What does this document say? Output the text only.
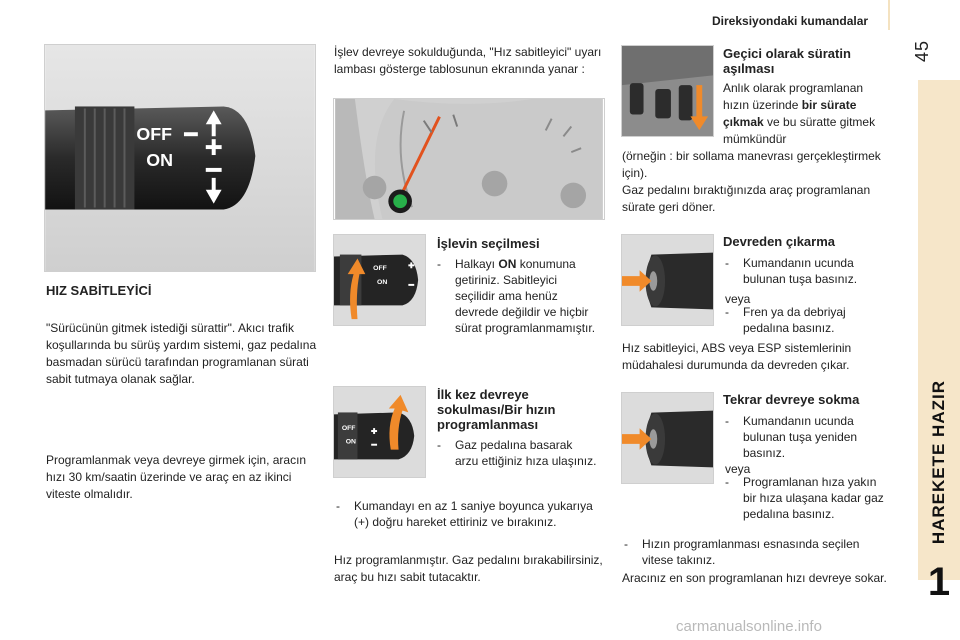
Direksiyondaki kumandalar
45
HAREKETE HAZIR
1
OFF
ON
HIZ SABİTLEYİCİ
"Sürücünün gitmek istediği sürattir". Akıcı trafik koşullarında bu sürüş yardım sistemi, gaz pedalına basmadan sürücü tarafından programlanan sürati sabit tutmaya olanak sağlar.
Programlanmak veya devreye girmek için, aracın hızı 30 km/saatin üzerinde ve araç en az ikinci viteste olmalıdır.
İşlev devreye sokulduğunda, "Hız sabitleyici" uyarı lambası gösterge tablosunun ekranında yanar :
OFF
ON
İşlevin seçilmesi
- Halkayı ON konumuna getiriniz. Sabitleyici seçilidir ama henüz devrede değildir ve hiçbir sürat programlanmamıştır.
OFF
ON
İlk kez devreye sokulması/Bir hızın programlanması
- Gaz pedalına basarak arzu ettiğiniz hıza ulaşınız.
- Kumandayı en az 1 saniye boyunca yukarıya (+) doğru hareket ettiriniz ve bırakınız.
Hız programlanmıştır. Gaz pedalını bırakabilirsiniz, araç bu hızı sabit tutacaktır.
Geçici olarak süratin aşılması
Anlık olarak programlanan hızın üzerinde bir sürate çıkmak ve bu süratte gitmek mümkündür
(örneğin : bir sollama manevrası gerçekleştirmek için).
Gaz pedalını bıraktığınızda araç programlanan sürate geri döner.
Devreden çıkarma
- Kumandanın ucunda bulunan tuşa basınız.
veya
- Fren ya da debriyaj pedalına basınız.
Hız sabitleyici, ABS veya ESP sistemlerinin müdahalesi durumunda da devreden çıkar.
Tekrar devreye sokma
- Kumandanın ucunda bulunan tuşa yeniden basınız.
veya
- Programlanan hıza yakın bir hıza ulaşana kadar gaz pedalına basınız.
- Hızın programlanması esnasında seçilen vitese takınız.
Aracınız en son programlanan hızı devreye sokar.
carmanualsonline.info
